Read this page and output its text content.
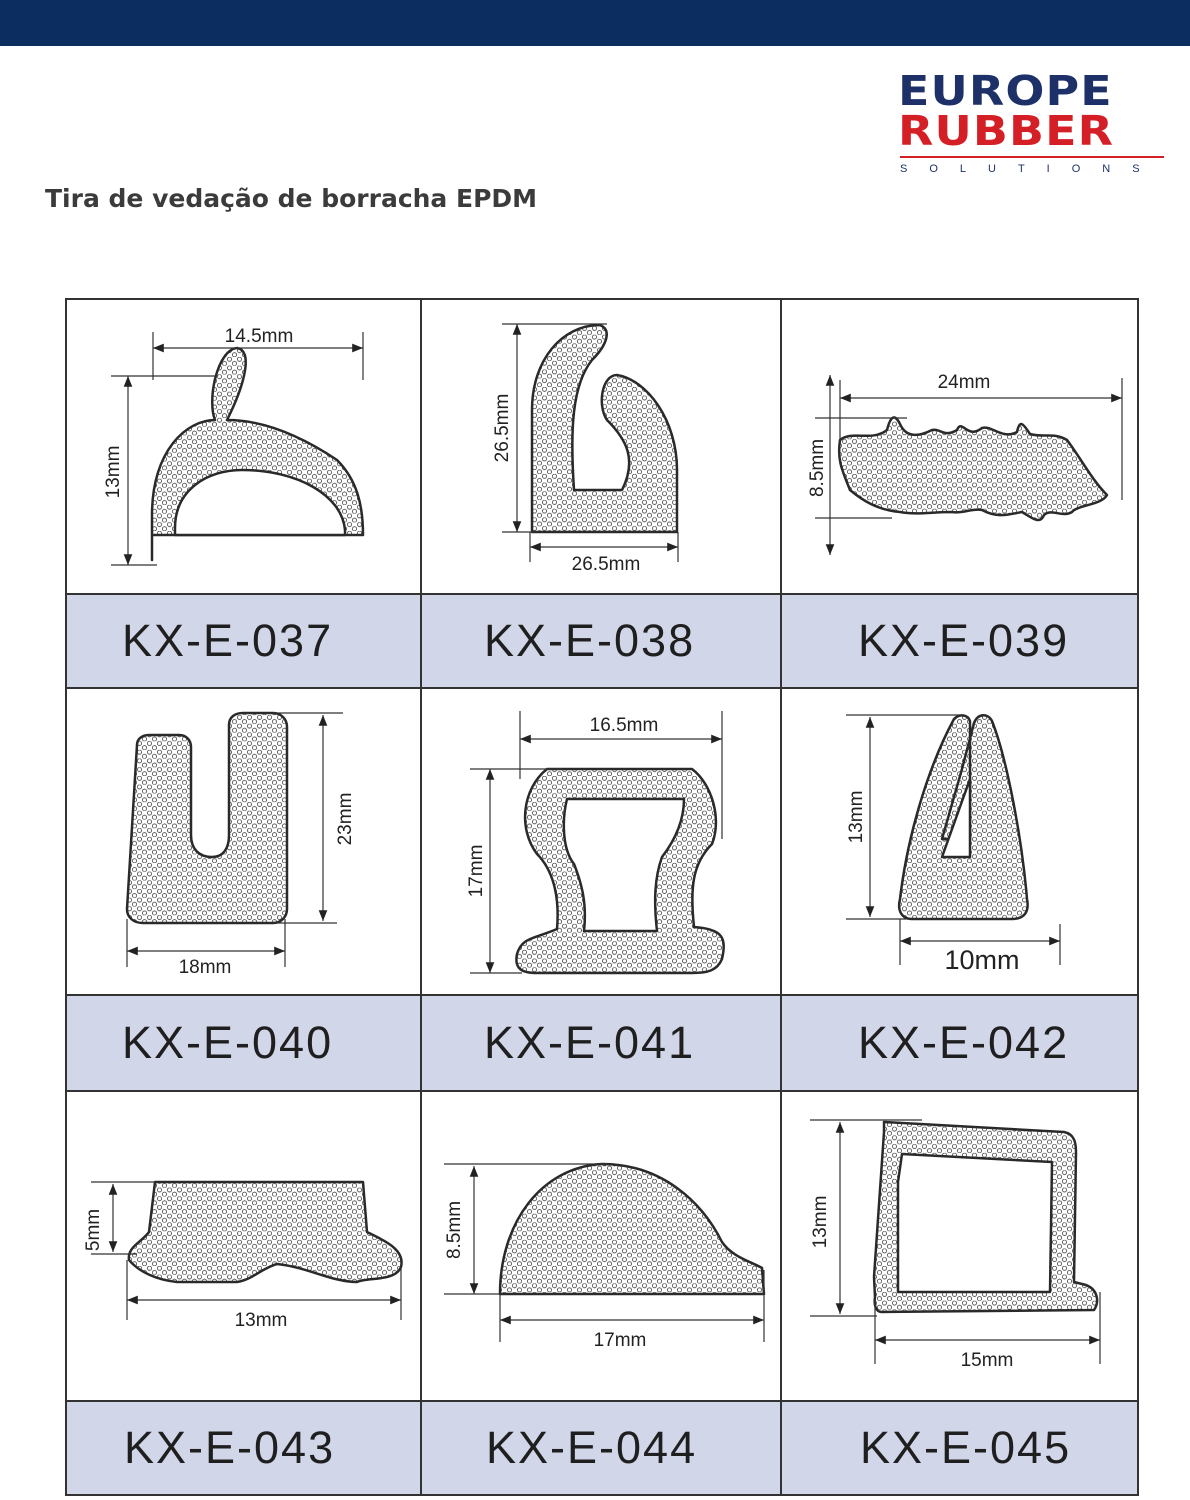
EUROPE
RUBBER
SOLUTIONS
Tira de vedação de borracha EPDM
14.5mm
13mm
26.5mm
26.5mm
24mm
8.5mm
KX-E-037	KX-E-038	KX-E-039
23mm
18mm
16.5mm
17mm
13mm
10mm
KX-E-040	KX-E-041	KX-E-042
5mm
13mm
8.5mm
17mm
13mm
15mm
KX-E-043	KX-E-044	KX-E-045
